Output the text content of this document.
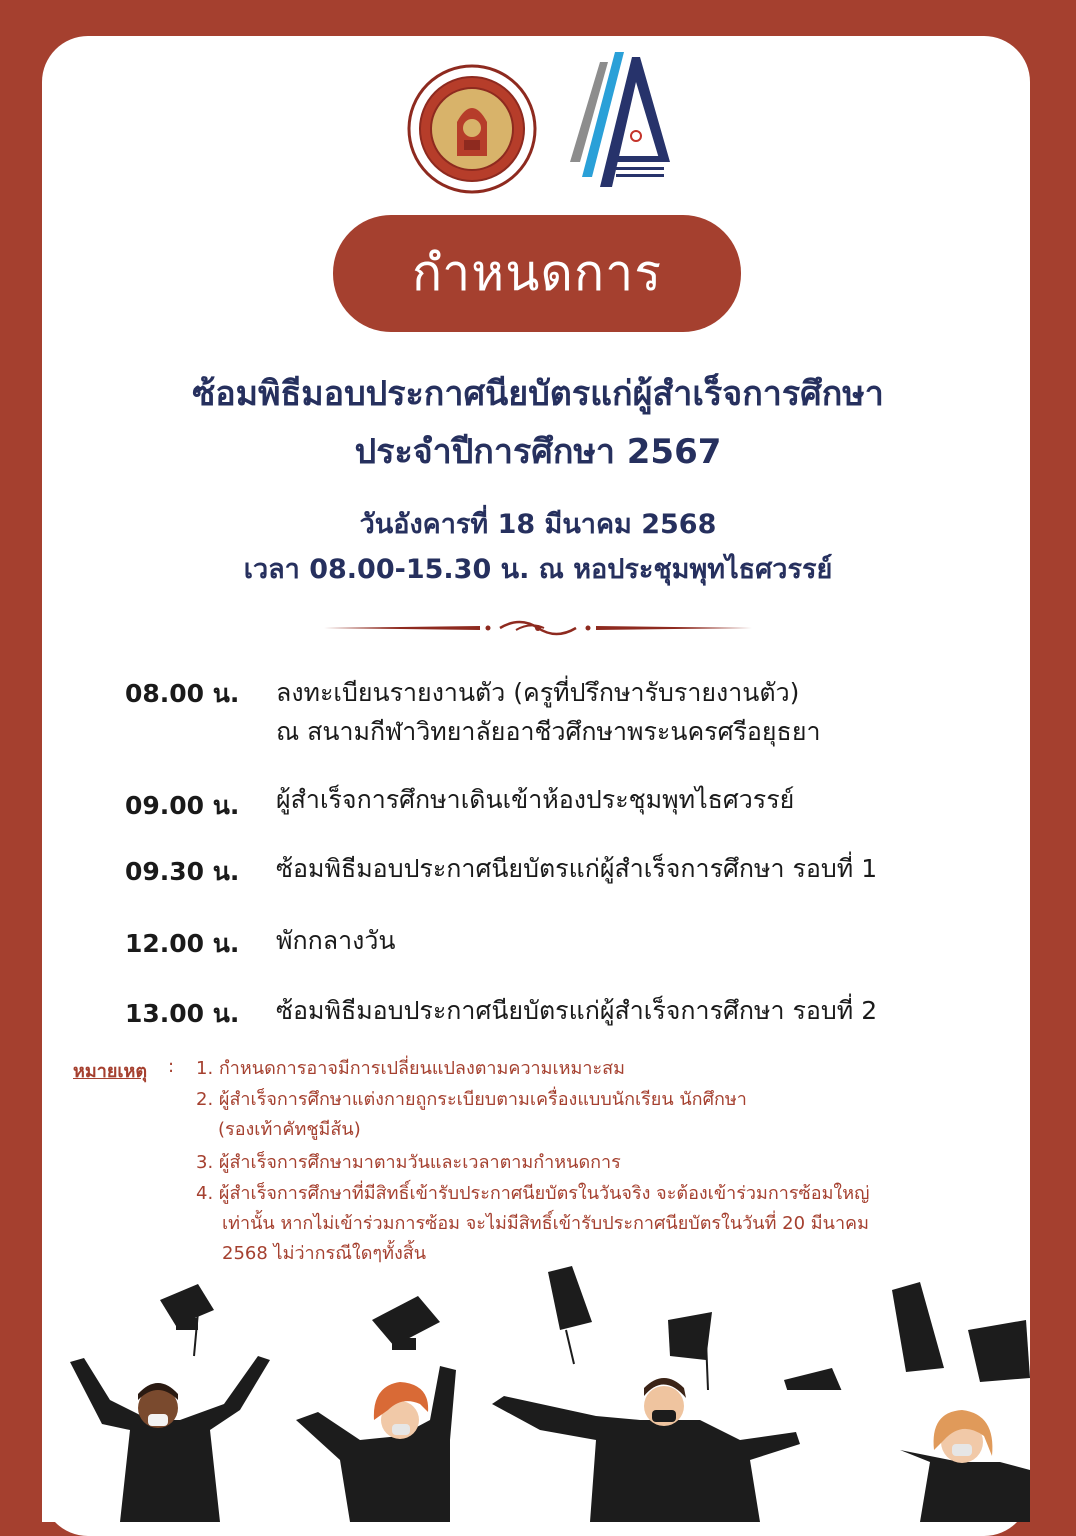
กำหนดการ
ซ้อมพิธีมอบประกาศนียบัตรแก่ผู้สำเร็จการศึกษา
ประจำปีการศึกษา 2567
วันอังคารที่ 18 มีนาคม 2568
เวลา 08.00-15.30 น. ณ หอประชุมพุทไธศวรรย์
08.00 น. ลงทะเบียนรายงานตัว (ครูที่ปรึกษารับรายงานตัว)
ณ สนามกีฬาวิทยาลัยอาชีวศึกษาพระนครศรีอยุธยา
09.00 น. ผู้สำเร็จการศึกษาเดินเข้าห้องประชุมพุทไธศวรรย์
09.30 น. ซ้อมพิธีมอบประกาศนียบัตรแก่ผู้สำเร็จการศึกษา รอบที่ 1
12.00 น. พักกลางวัน
13.00 น. ซ้อมพิธีมอบประกาศนียบัตรแก่ผู้สำเร็จการศึกษา รอบที่ 2
หมายเหตุ : 1. กำหนดการอาจมีการเปลี่ยนแปลงตามความเหมาะสม
2. ผู้สำเร็จการศึกษาแต่งกายถูกระเบียบตามเครื่องแบบนักเรียน นักศึกษา
(รองเท้าคัทชูมีส้น)
3. ผู้สำเร็จการศึกษามาตามวันและเวลาตามกำหนดการ
4. ผู้สำเร็จการศึกษาที่มีสิทธิ์เข้ารับประกาศนียบัตรในวันจริง จะต้องเข้าร่วมการซ้อมใหญ่
เท่านั้น หากไม่เข้าร่วมการซ้อม จะไม่มีสิทธิ์เข้ารับประกาศนียบัตรในวันที่ 20 มีนาคม
2568 ไม่ว่ากรณีใดๆทั้งสิ้น
